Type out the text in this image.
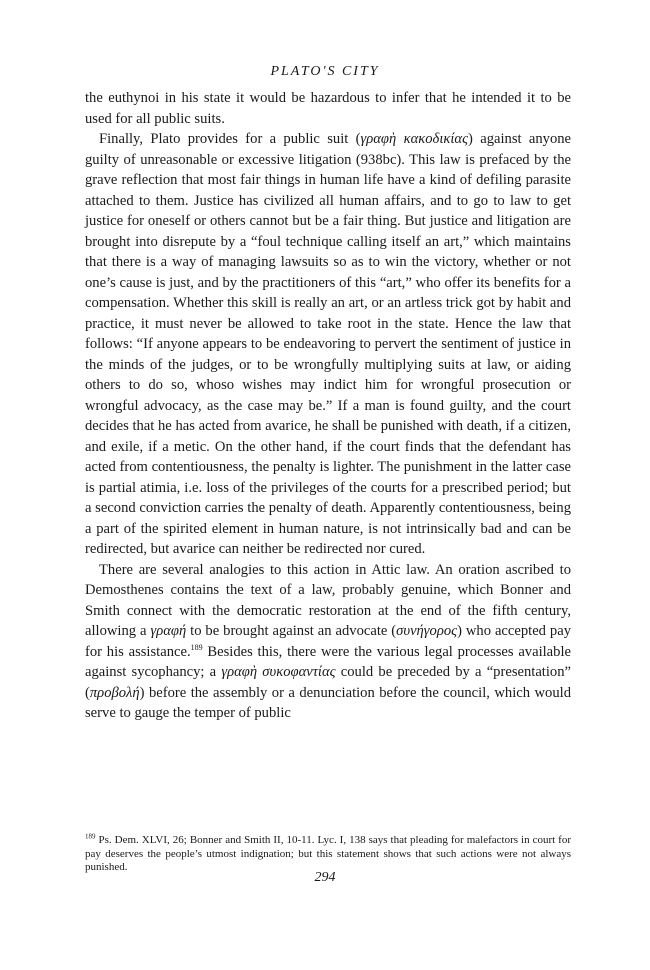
PLATO'S CITY

the euthynoi in his state it would be hazardous to infer that he intended it to be used for all public suits.

Finally, Plato provides for a public suit (γραφὴ κακοδικίας) against anyone guilty of unreasonable or excessive litigation (938bc). This law is prefaced by the grave reflection that most fair things in human life have a kind of defiling parasite attached to them. Justice has civilized all human affairs, and to go to law to get justice for oneself or others cannot but be a fair thing. But justice and litigation are brought into disrepute by a “foul technique calling itself an art,” which maintains that there is a way of managing lawsuits so as to win the victory, whether or not one’s cause is just, and by the practitioners of this “art,” who offer its benefits for a compensation. Whether this skill is really an art, or an artless trick got by habit and practice, it must never be allowed to take root in the state. Hence the law that follows: “If anyone appears to be endeavoring to pervert the sentiment of justice in the minds of the judges, or to be wrongfully multiplying suits at law, or aiding others to do so, whoso wishes may indict him for wrongful prosecution or wrongful advocacy, as the case may be.” If a man is found guilty, and the court decides that he has acted from avarice, he shall be punished with death, if a citizen, and exile, if a metic. On the other hand, if the court finds that the defendant has acted from contentiousness, the penalty is lighter. The punishment in the latter case is partial atimia, i.e. loss of the privileges of the courts for a prescribed period; but a second conviction carries the penalty of death. Apparently contentiousness, being a part of the spirited element in human nature, is not intrinsically bad and can be redirected, but avarice can neither be redirected nor cured.

There are several analogies to this action in Attic law. An oration ascribed to Demosthenes contains the text of a law, probably genuine, which Bonner and Smith connect with the democratic restoration at the end of the fifth century, allowing a γραφή to be brought against an advocate (συνήγορος) who accepted pay for his assistance.$^{189}$ Besides this, there were the various legal processes available against sycophancy; a γραφὴ συκοφαντίας could be preceded by a “presentation” (προβολή) before the assembly or a denunciation before the council, which would serve to gauge the temper of public

$^{189}$ Ps. Dem. XLVI, 26; Bonner and Smith II, 10-11. Lyc. I, 138 says that pleading for malefactors in court for pay deserves the people’s utmost indignation; but this statement shows that such actions were not always punished.
294
